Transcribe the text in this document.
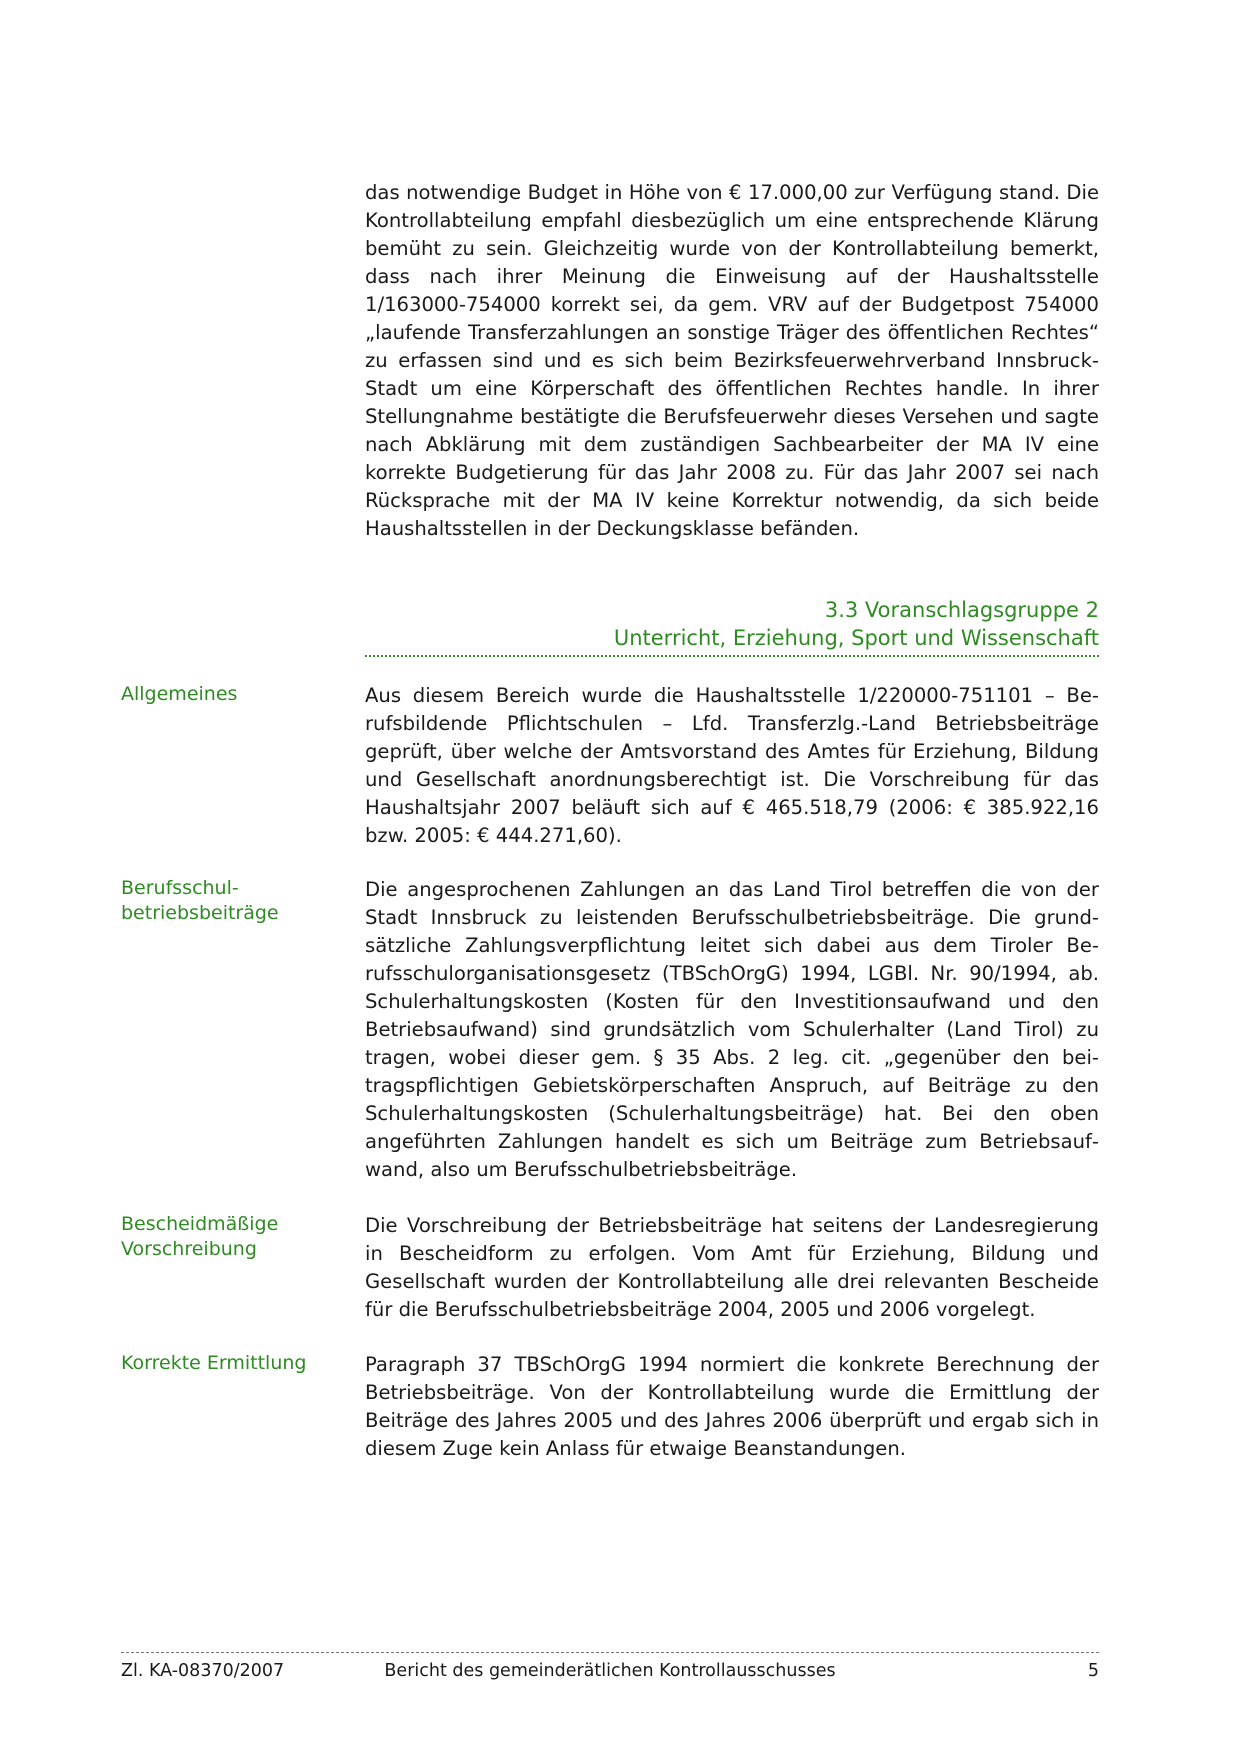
das notwendige Budget in Höhe von € 17.000,00 zur Verfügung stand. Die Kontrollabteilung empfahl diesbezüglich um eine entsprechende Klärung bemüht zu sein. Gleichzeitig wurde von der Kontrollabteilung bemerkt, dass nach ihrer Meinung die Einweisung auf der Haushaltsstelle 1/163000-754000 korrekt sei, da gem. VRV auf der Budgetpost 754000 „laufende Transferzahlungen an sonstige Träger des öffentlichen Rechtes“ zu erfassen sind und es sich beim Bezirksfeuerwehrverband Innsbruck-Stadt um eine Körperschaft des öffentlichen Rechtes handle. In ihrer Stellungnahme bestätigte die Berufsfeuerwehr dieses Versehen und sagte nach Abklärung mit dem zuständigen Sachbearbeiter der MA IV eine korrekte Budgetierung für das Jahr 2008 zu. Für das Jahr 2007 sei nach Rücksprache mit der MA IV keine Korrektur notwendig, da sich beide Haushaltsstellen in der Deckungsklasse befänden.

3.3 Voranschlagsgruppe 2
Unterricht, Erziehung, Sport und Wissenschaft

Allgemeines	Aus diesem Bereich wurde die Haushaltsstelle 1/220000-751101 – Berufsbildende Pflichtschulen – Lfd. Transferzlg.-Land Betriebsbeiträge geprüft, über welche der Amtsvorstand des Amtes für Erziehung, Bildung und Gesellschaft anordnungsberechtigt ist. Die Vorschreibung für das Haushaltsjahr 2007 beläuft sich auf € 465.518,79 (2006: € 385.922,16 bzw. 2005: € 444.271,60).

Berufsschul-
betriebsbeiträge

Die angesprochenen Zahlungen an das Land Tirol betreffen die von der Stadt Innsbruck zu leistenden Berufsschulbetriebsbeiträge. Die grundsätzliche Zahlungsverpflichtung leitet sich dabei aus dem Tiroler Berufsschulorganisationsgesetz (TBSchOrgG) 1994, LGBl. Nr. 90/1994, ab. Schulerhaltungskosten (Kosten für den Investitionsaufwand und den Betriebsaufwand) sind grundsätzlich vom Schulerhalter (Land Tirol) zu tragen, wobei dieser gem. § 35 Abs. 2 leg. cit. „gegenüber den beitragspflichtigen Gebietskörperschaften Anspruch, auf Beiträge zu den Schulerhaltungskosten (Schulerhaltungsbeiträge) hat. Bei den oben angeführten Zahlungen handelt es sich um Beiträge zum Betriebsaufwand, also um Berufsschulbetriebsbeiträge.

Bescheidmäßige
Vorschreibung

Die Vorschreibung der Betriebsbeiträge hat seitens der Landesregierung in Bescheidform zu erfolgen. Vom Amt für Erziehung, Bildung und Gesellschaft wurden der Kontrollabteilung alle drei relevanten Bescheide für die Berufsschulbetriebsbeiträge 2004, 2005 und 2006 vorgelegt.

Korrekte Ermittlung	Paragraph 37 TBSchOrgG 1994 normiert die konkrete Berechnung der Betriebsbeiträge. Von der Kontrollabteilung wurde die Ermittlung der Beiträge des Jahres 2005 und des Jahres 2006 überprüft und ergab sich in diesem Zuge kein Anlass für etwaige Beanstandungen.

Zl. KA-08370/2007	Bericht des gemeinderätlichen Kontrollausschusses	5
